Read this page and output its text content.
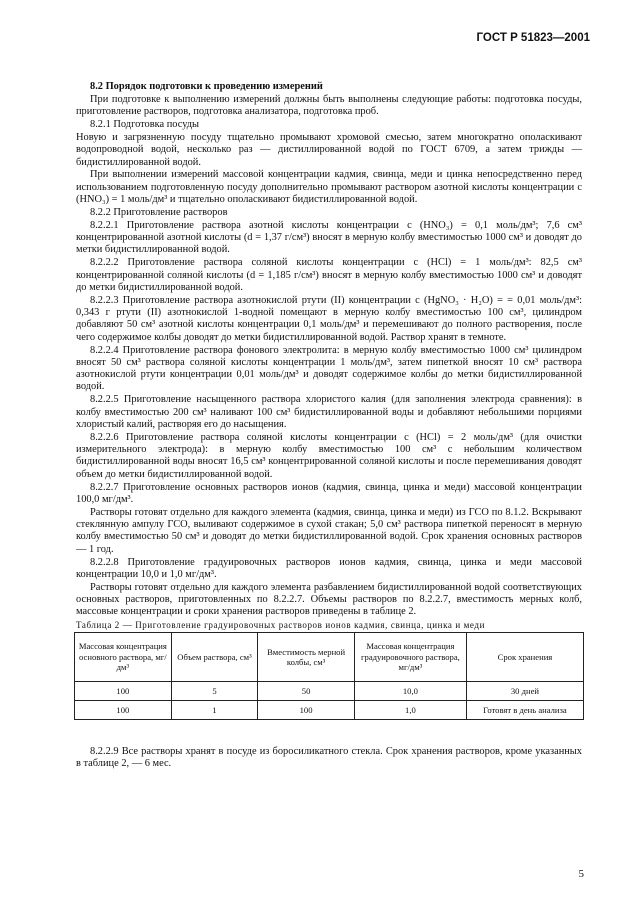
ГОСТ Р 51823—2001

8.2 Порядок подготовки к проведению измерений

При подготовке к выполнению измерений должны быть выполнены следующие работы: подготовка посуды, приготовление растворов, подготовка анализатора, подготовка проб.

8.2.1 Подготовка посуды

Новую и загрязненную посуду тщательно промывают хромовой смесью, затем многократно ополаскивают водопроводной водой, несколько раз — дистиллированной водой по ГОСТ 6709, а затем трижды — бидистиллированной водой.

При выполнении измерений массовой концентрации кадмия, свинца, меди и цинка непосредственно перед использованием подготовленную посуду дополнительно промывают раствором азотной кислоты концентрации c (HNO₃) = 1 моль/дм³ и тщательно ополаскивают бидистиллированной водой.

8.2.2 Приготовление растворов

8.2.2.1 Приготовление раствора азотной кислоты концентрации c (HNO₃) = 0,1 моль/дм³; 7,6 см³ концентрированной азотной кислоты (d = 1,37 г/см³) вносят в мерную колбу вместимостью 1000 см³ и доводят до метки бидистиллированной водой.

8.2.2.2 Приготовление раствора соляной кислоты концентрации c (HCl) = 1 моль/дм³: 82,5 см³ концентрированной соляной кислоты (d = 1,185 г/см³) вносят в мерную колбу вместимостью 1000 см³ и доводят до метки бидистиллированной водой.

8.2.2.3 Приготовление раствора азотнокислой ртути (II) концентрации c (HgNO₃ · H₂O) = = 0,01 моль/дм³: 0,343 г ртути (II) азотнокислой 1-водной помещают в мерную колбу вместимостью 100 см³, цилиндром добавляют 50 см³ азотной кислоты концентрации 0,1 моль/дм³ и перемешивают до полного растворения, после чего содержимое колбы доводят до метки бидистиллированной водой. Раствор хранят в темноте.

8.2.2.4 Приготовление раствора фонового электролита: в мерную колбу вместимостью 1000 см³ цилиндром вносят 50 см³ раствора соляной кислоты концентрации 1 моль/дм³, затем пипеткой вносят 10 см³ раствора азотнокислой ртути концентрации 0,01 моль/дм³ и доводят содержимое колбы до метки бидистиллированной водой.

8.2.2.5 Приготовление насыщенного раствора хлористого калия (для заполнения электрода сравнения): в колбу вместимостью 200 см³ наливают 100 см³ бидистиллированной воды и добавляют небольшими порциями хлористый калий, растворяя его до насыщения.

8.2.2.6 Приготовление раствора соляной кислоты концентрации c (HCl) = 2 моль/дм³ (для очистки измерительного электрода): в мерную колбу вместимостью 100 см³ с небольшим количеством бидистиллированной воды вносят 16,5 см³ концентрированной соляной кислоты и после перемешивания доводят объем до метки бидистиллированной водой.

8.2.2.7 Приготовление основных растворов ионов (кадмия, свинца, цинка и меди) массовой концентрации 100,0 мг/дм³.

Растворы готовят отдельно для каждого элемента (кадмия, свинца, цинка и меди) из ГСО по 8.1.2. Вскрывают стеклянную ампулу ГСО, выливают содержимое в сухой стакан; 5,0 см³ раствора пипеткой переносят в мерную колбу вместимостью 50 см³ и доводят до метки бидистиллированной водой. Срок хранения основных растворов — 1 год.

8.2.2.8 Приготовление градуировочных растворов ионов кадмия, свинца, цинка и меди массовой концентрации 10,0 и 1,0 мг/дм³.

Растворы готовят отдельно для каждого элемента разбавлением бидистиллированной водой соответствующих основных растворов, приготовленных по 8.2.2.7. Объемы растворов по 8.2.2.7, вместимость мерных колб, массовые концентрации и сроки хранения растворов приведены в таблице 2.

Таблица 2 — Приготовление градуировочных растворов ионов кадмия, свинца, цинка и меди

Массовая концентрация основного раствора, мг/дм³	Объем раствора, см³	Вместимость мерной колбы, см³	Массовая концентрация градуировочного раствора, мг/дм³	Срок хранения
100	5	50	10,0	30 дней
100	1	100	1,0	Готовят в день анализа

8.2.2.9 Все растворы хранят в посуде из боросиликатного стекла. Срок хранения растворов, кроме указанных в таблице 2, — 6 мес.

5
